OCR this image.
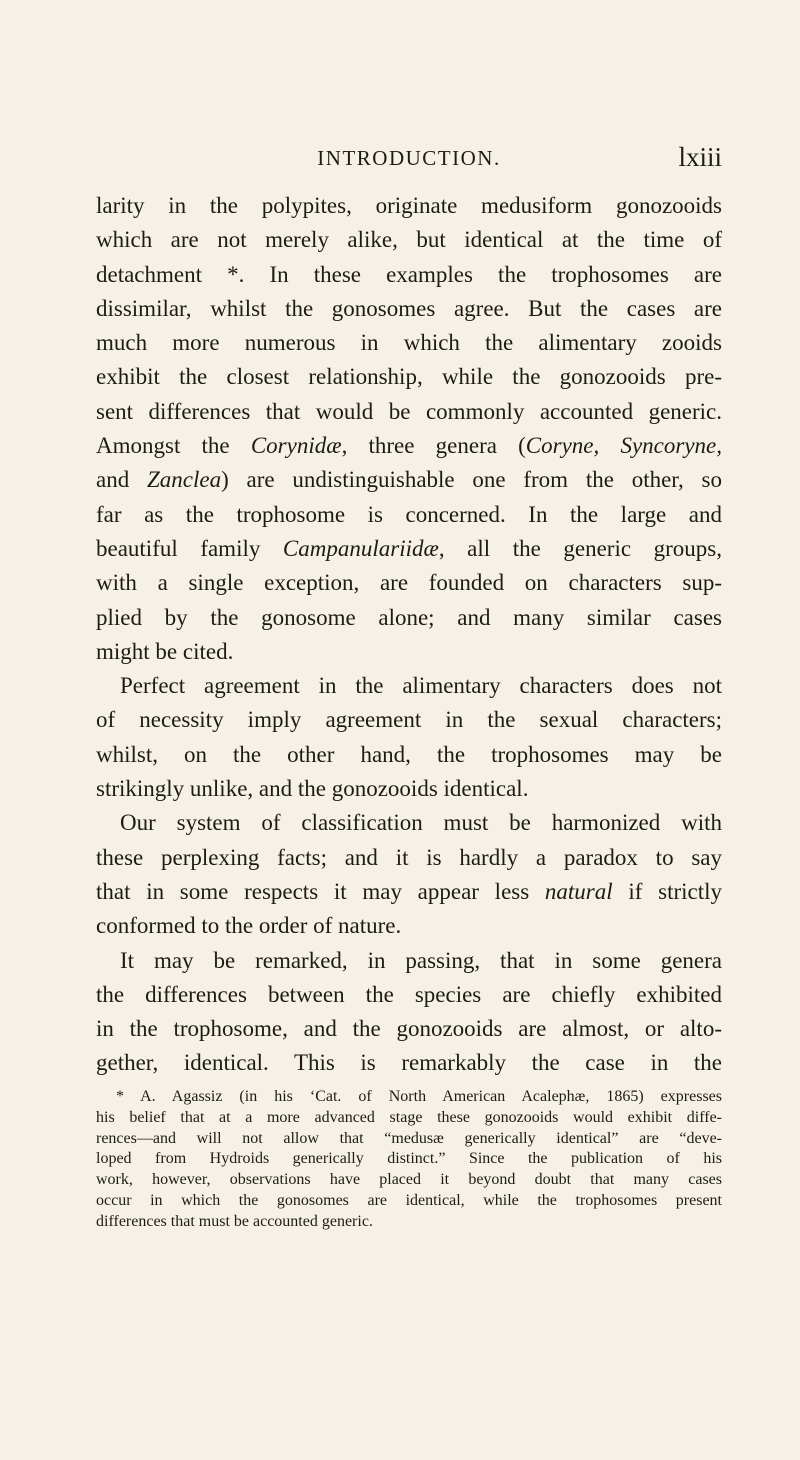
INTRODUCTION.	lxiii
larity in the polypites, originate medusiform gonozooids
which are not merely alike, but identical at the time of
detachment *. In these examples the trophosomes are
dissimilar, whilst the gonosomes agree. But the cases are
much more numerous in which the alimentary zooids
exhibit the closest relationship, while the gonozooids pre-
sent differences that would be commonly accounted generic.
Amongst the Corynidæ, three genera (Coryne, Syncoryne,
and Zanclea) are undistinguishable one from the other, so
far as the trophosome is concerned. In the large and
beautiful family Campanulariidæ, all the generic groups,
with a single exception, are founded on characters sup-
plied by the gonosome alone; and many similar cases
might be cited.
Perfect agreement in the alimentary characters does not
of necessity imply agreement in the sexual characters;
whilst, on the other hand, the trophosomes may be
strikingly unlike, and the gonozooids identical.
Our system of classification must be harmonized with
these perplexing facts; and it is hardly a paradox to say
that in some respects it may appear less natural if strictly
conformed to the order of nature.
It may be remarked, in passing, that in some genera
the differences between the species are chiefly exhibited
in the trophosome, and the gonozooids are almost, or alto-
gether, identical. This is remarkably the case in the
* A. Agassiz (in his ‘Cat. of North American Acalephæ, 1865) expresses
his belief that at a more advanced stage these gonozooids would exhibit diffe-
rences—and will not allow that “medusæ generically identical” are “deve-
loped from Hydroids generically distinct.” Since the publication of his
work, however, observations have placed it beyond doubt that many cases
occur in which the gonosomes are identical, while the trophosomes present
differences that must be accounted generic.
